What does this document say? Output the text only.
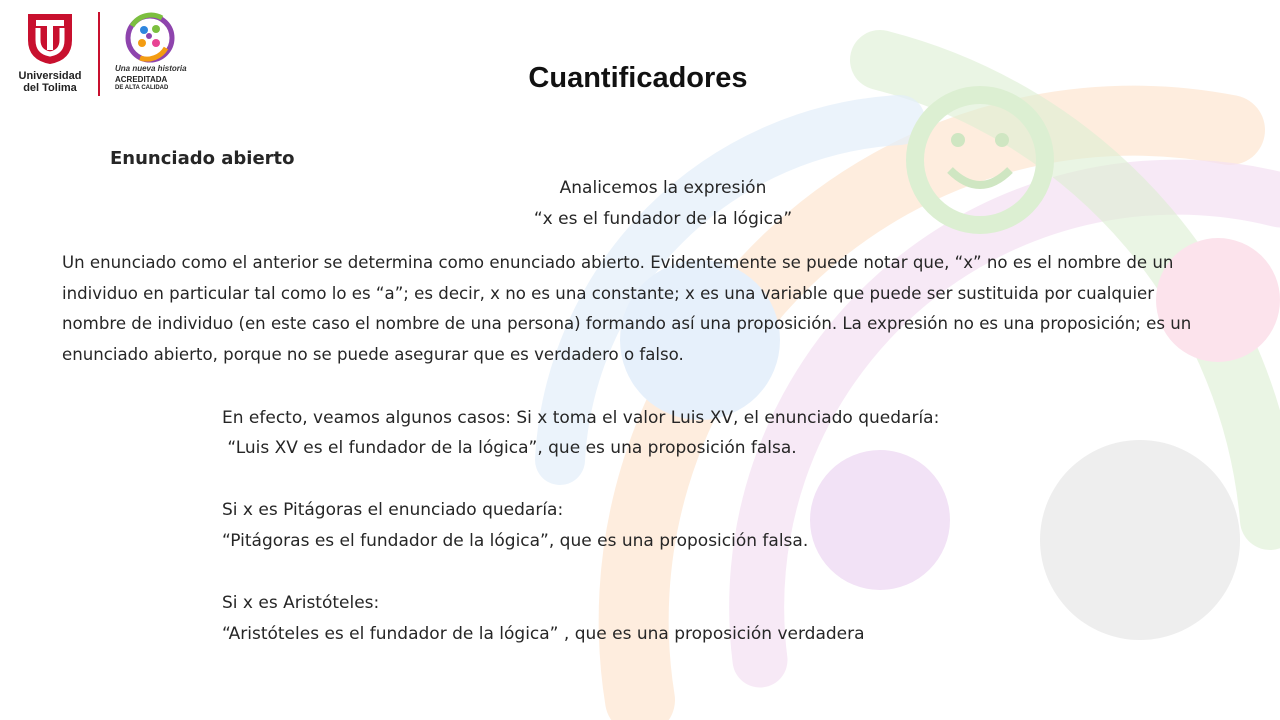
Universidad
del Tolima
Una nueva historia
ACREDITADA
DE ALTA CALIDAD	Cuantificadores
Enunciado abierto
Analicemos la expresión
“x es el fundador de la lógica”

Un enunciado como el anterior se determina como enunciado abierto. Evidentemente se puede notar que, “x” no es el nombre de un individuo en particular tal como lo es “a”; es decir, x no es una constante; x es una variable que puede ser sustituida por cualquier nombre de individuo (en este caso el nombre de una persona) formando así una proposición. La expresión no es una proposición; es un enunciado abierto, porque no se puede asegurar que es verdadero o falso.

En efecto, veamos algunos casos: Si x toma el valor Luis XV, el enunciado quedaría:
“Luis XV es el fundador de la lógica”, que es una proposición falsa.
Si x es Pitágoras el enunciado quedaría:
“Pitágoras es el fundador de la lógica”, que es una proposición falsa.
Si x es Aristóteles:
“Aristóteles es el fundador de la lógica” , que es una proposición verdadera
